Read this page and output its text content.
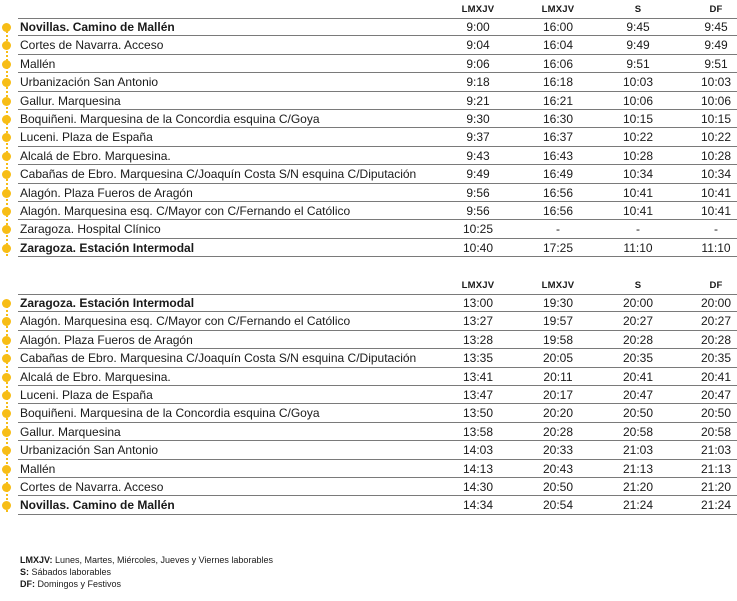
LMXJV	LMXJV	S	DF
Novillas. Camino de Mallén	9:00	16:00	9:45	9:45
Cortes de Navarra. Acceso	9:04	16:04	9:49	9:49
Mallén	9:06	16:06	9:51	9:51
Urbanización San Antonio	9:18	16:18	10:03	10:03
Gallur. Marquesina	9:21	16:21	10:06	10:06
Boquiñeni. Marquesina de la Concordia esquina C/Goya	9:30	16:30	10:15	10:15
Luceni. Plaza de España	9:37	16:37	10:22	10:22
Alcalá de Ebro. Marquesina.	9:43	16:43	10:28	10:28
Cabañas de Ebro. Marquesina C/Joaquín Costa S/N esquina C/Diputación	9:49	16:49	10:34	10:34
Alagón. Plaza Fueros de Aragón	9:56	16:56	10:41	10:41
Alagón. Marquesina esq. C/Mayor con C/Fernando el Católico	9:56	16:56	10:41	10:41
Zaragoza. Hospital Clínico	10:25	-	-	-
Zaragoza. Estación Intermodal	10:40	17:25	11:10	11:10
LMXJV	LMXJV	S	DF
Zaragoza. Estación Intermodal	13:00	19:30	20:00	20:00
Alagón. Marquesina esq. C/Mayor con C/Fernando el Católico	13:27	19:57	20:27	20:27
Alagón. Plaza Fueros de Aragón	13:28	19:58	20:28	20:28
Cabañas de Ebro. Marquesina C/Joaquín Costa S/N esquina C/Diputación	13:35	20:05	20:35	20:35
Alcalá de Ebro. Marquesina.	13:41	20:11	20:41	20:41
Luceni. Plaza de España	13:47	20:17	20:47	20:47
Boquiñeni. Marquesina de la Concordia esquina C/Goya	13:50	20:20	20:50	20:50
Gallur. Marquesina	13:58	20:28	20:58	20:58
Urbanización San Antonio	14:03	20:33	21:03	21:03
Mallén	14:13	20:43	21:13	21:13
Cortes de Navarra. Acceso	14:30	20:50	21:20	21:20
Novillas. Camino de Mallén	14:34	20:54	21:24	21:24
LMXJV: Lunes, Martes, Miércoles, Jueves y Viernes laborables
S: Sábados laborables
DF: Domingos y Festivos
